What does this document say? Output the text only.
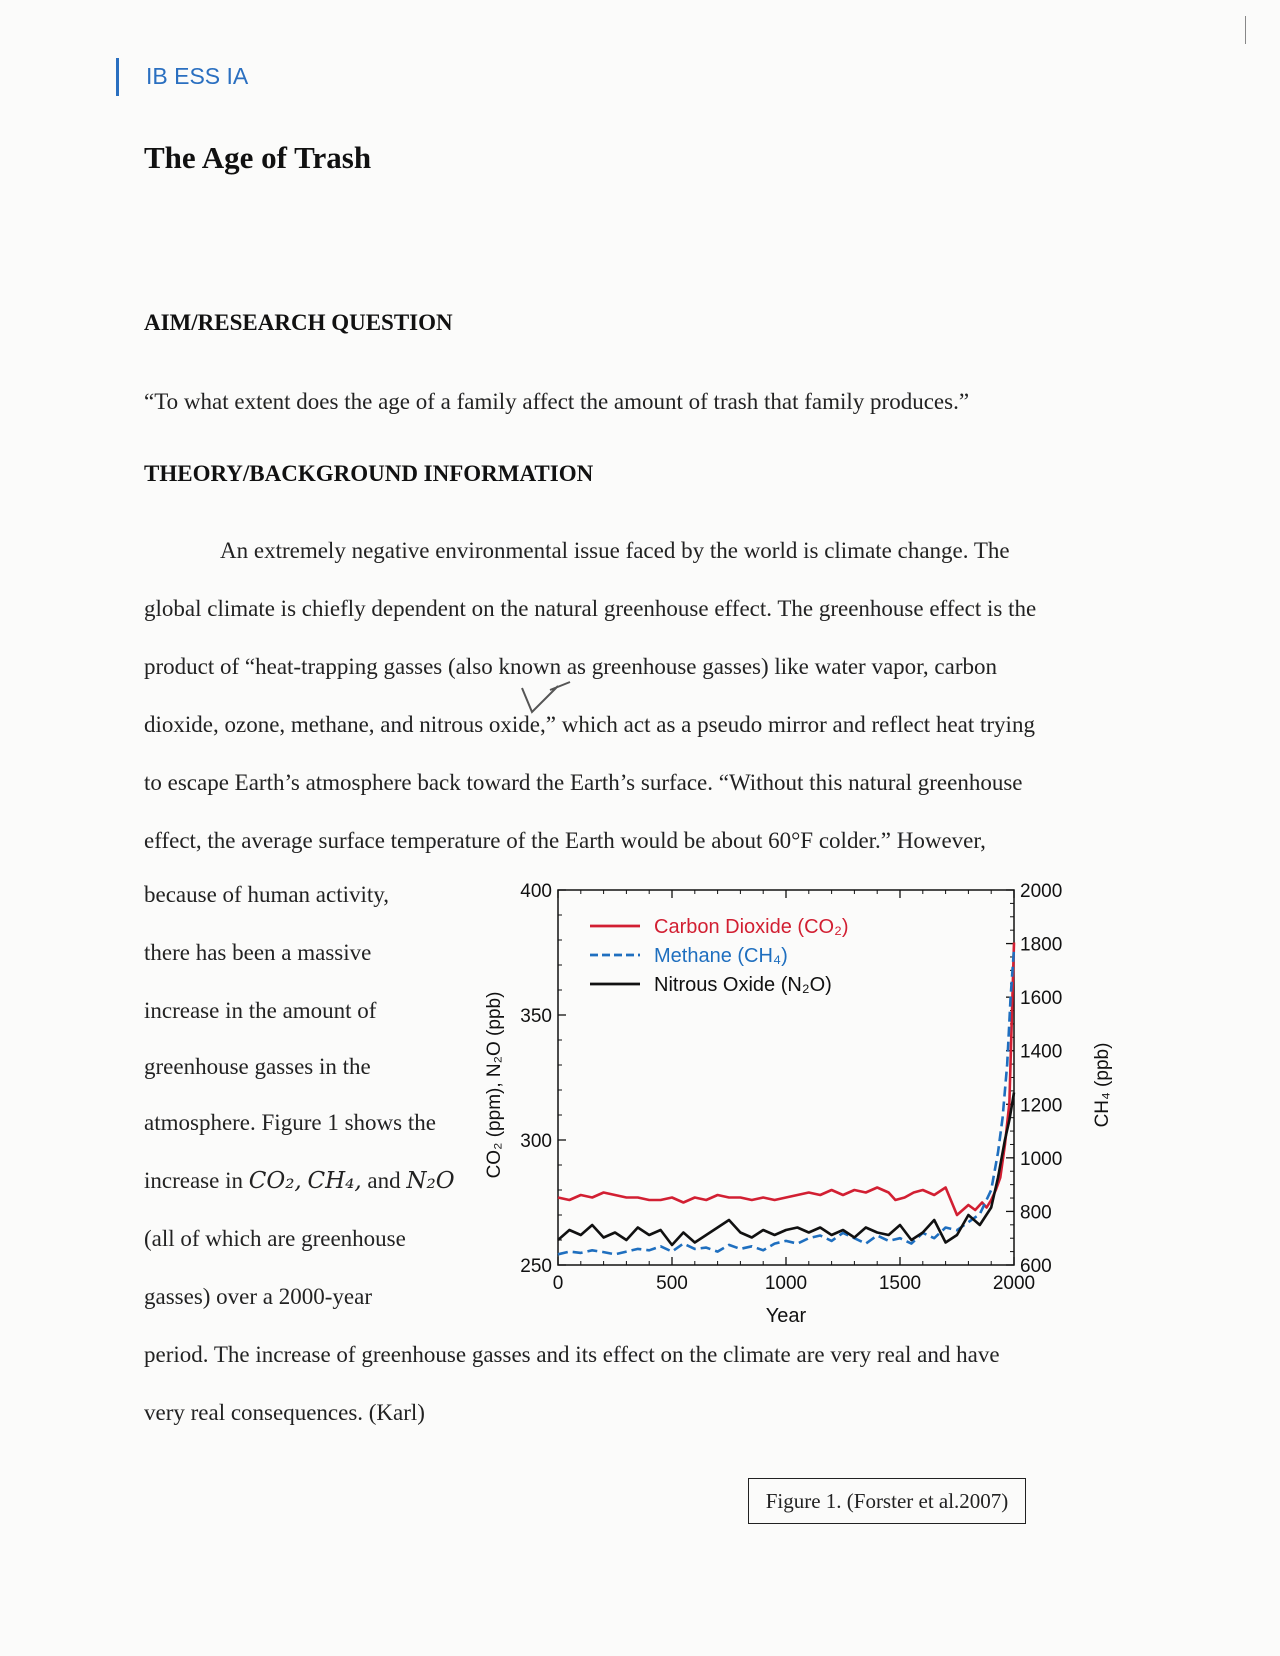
IB ESS IA
The Age of Trash
AIM/RESEARCH QUESTION
“To what extent does the age of a family affect the amount of trash that family produces.”
THEORY/BACKGROUND INFORMATION
An extremely negative environmental issue faced by the world is climate change. The
global climate is chiefly dependent on the natural greenhouse effect. The greenhouse effect is the
product of “heat-trapping gasses (also known as greenhouse gasses) like water vapor, carbon
dioxide, ozone, methane, and nitrous oxide,” which act as a pseudo mirror and reflect heat trying
to escape Earth’s atmosphere back toward the Earth’s surface. “Without this natural greenhouse
effect, the average surface temperature of the Earth would be about 60°F colder.” However,
because of human activity,
there has been a massive
increase in the amount of
greenhouse gasses in the
atmosphere. Figure 1 shows the
increase in CO₂, CH₄, and N₂O
(all of which are greenhouse
gasses) over a 2000-year
period. The increase of greenhouse gasses and its effect on the climate are very real and have
very real consequences. (Karl)
0	500	1000	1500	2000
250
300
350
400
600
800
1000
1200
1400
1600
1800
2000
Carbon Dioxide (CO₂)
Methane (CH₄)
Nitrous Oxide (N₂O)
Year
CO₂ (ppm), N₂O (ppb)	CH₄ (ppb)
Figure 1. (Forster et al.2007)
